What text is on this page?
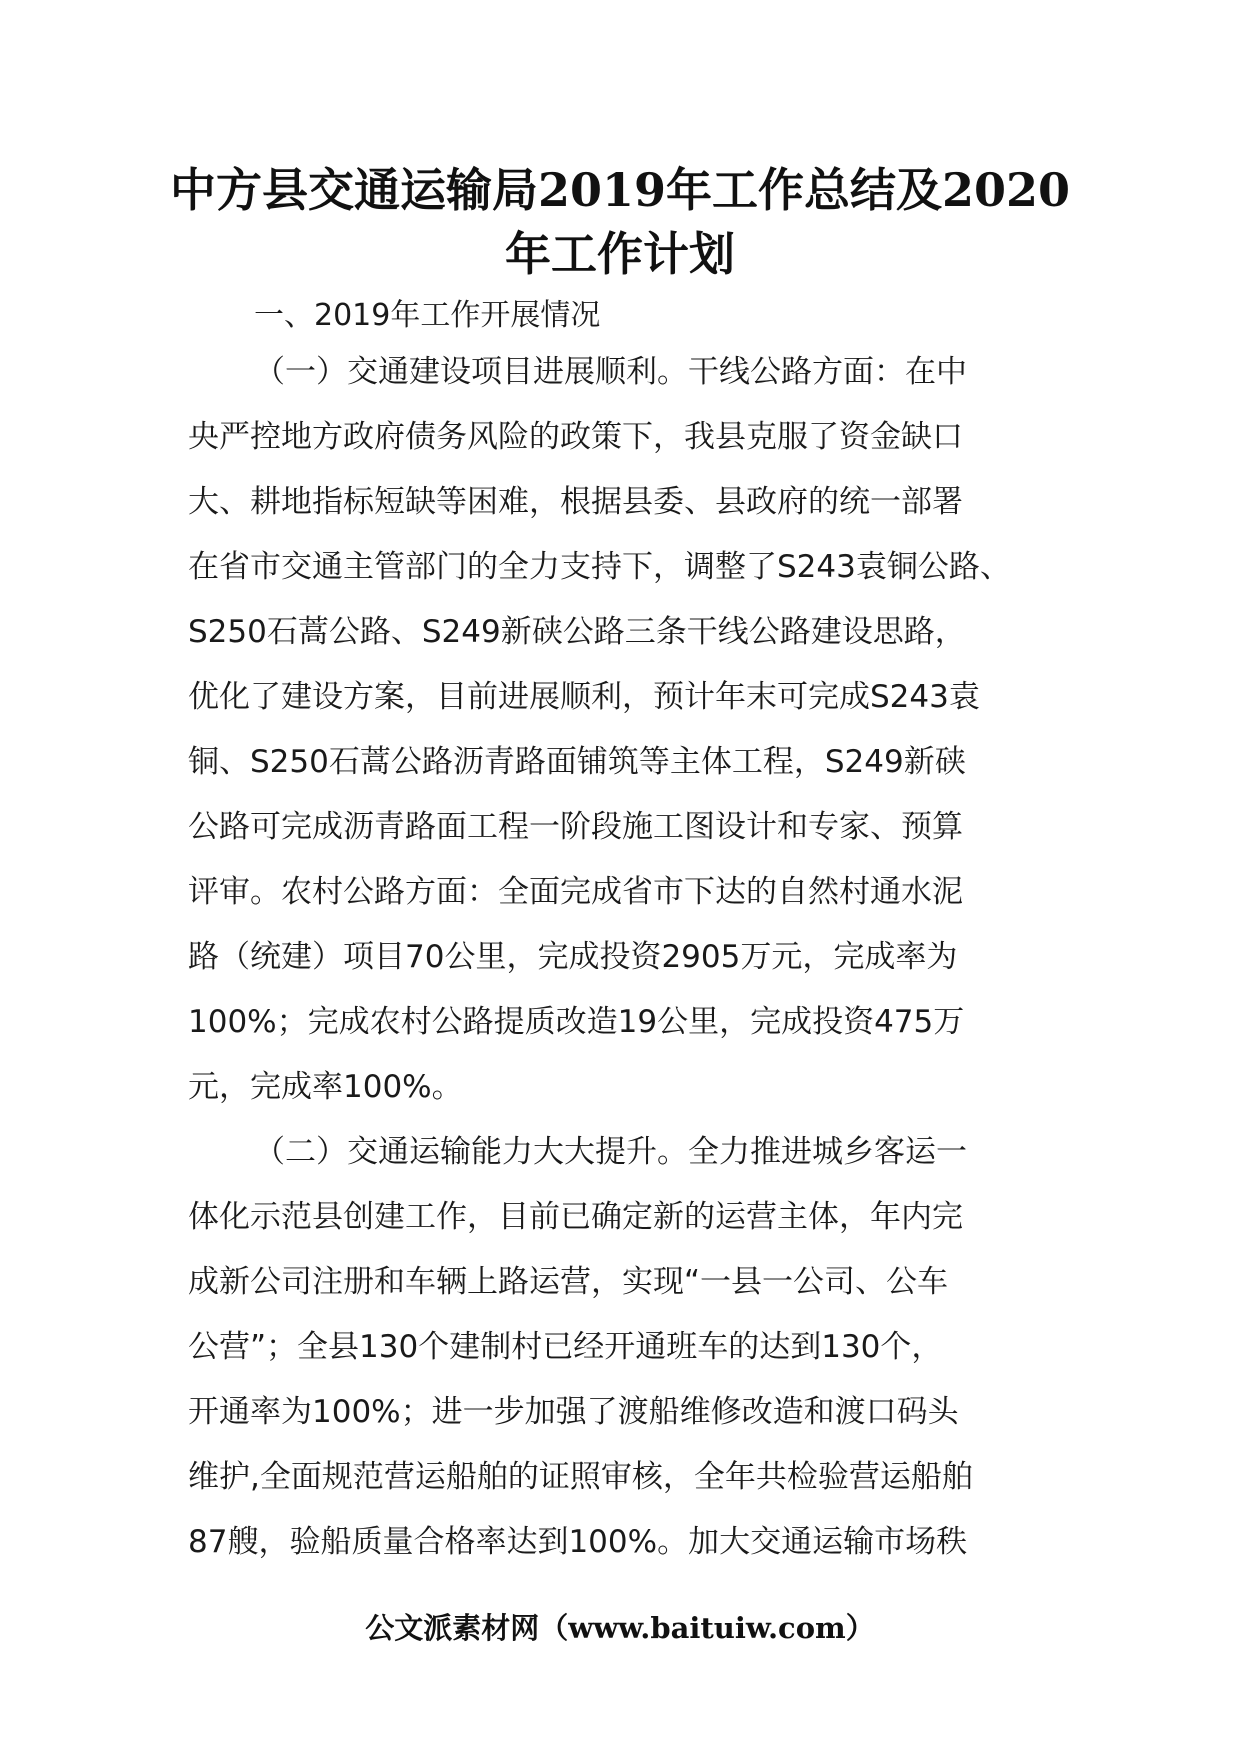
中方县交通运输局2019年工作总结及2020
年工作计划
一、2019年工作开展情况
（一）交通建设项目进展顺利。干线公路方面：在中
央严控地方政府债务风险的政策下，我县克服了资金缺口
大、耕地指标短缺等困难，根据县委、县政府的统一部署
在省市交通主管部门的全力支持下，调整了S243袁铜公路、
S250石蒿公路、S249新硖公路三条干线公路建设思路，
优化了建设方案，目前进展顺利，预计年末可完成S243袁
铜、S250石蒿公路沥青路面铺筑等主体工程，S249新硖
公路可完成沥青路面工程一阶段施工图设计和专家、预算
评审。农村公路方面：全面完成省市下达的自然村通水泥
路（统建）项目70公里，完成投资2905万元，完成率为
100%；完成农村公路提质改造19公里，完成投资475万
元，完成率100%。
（二）交通运输能力大大提升。全力推进城乡客运一
体化示范县创建工作，目前已确定新的运营主体，年内完
成新公司注册和车辆上路运营，实现“一县一公司、公车
公营”；全县130个建制村已经开通班车的达到130个，
开通率为100%；进一步加强了渡船维修改造和渡口码头
维护,全面规范营运船舶的证照审核，全年共检验营运船舶
87艘，验船质量合格率达到100%。加大交通运输市场秩
公文派素材网（www.baituiw.com）
